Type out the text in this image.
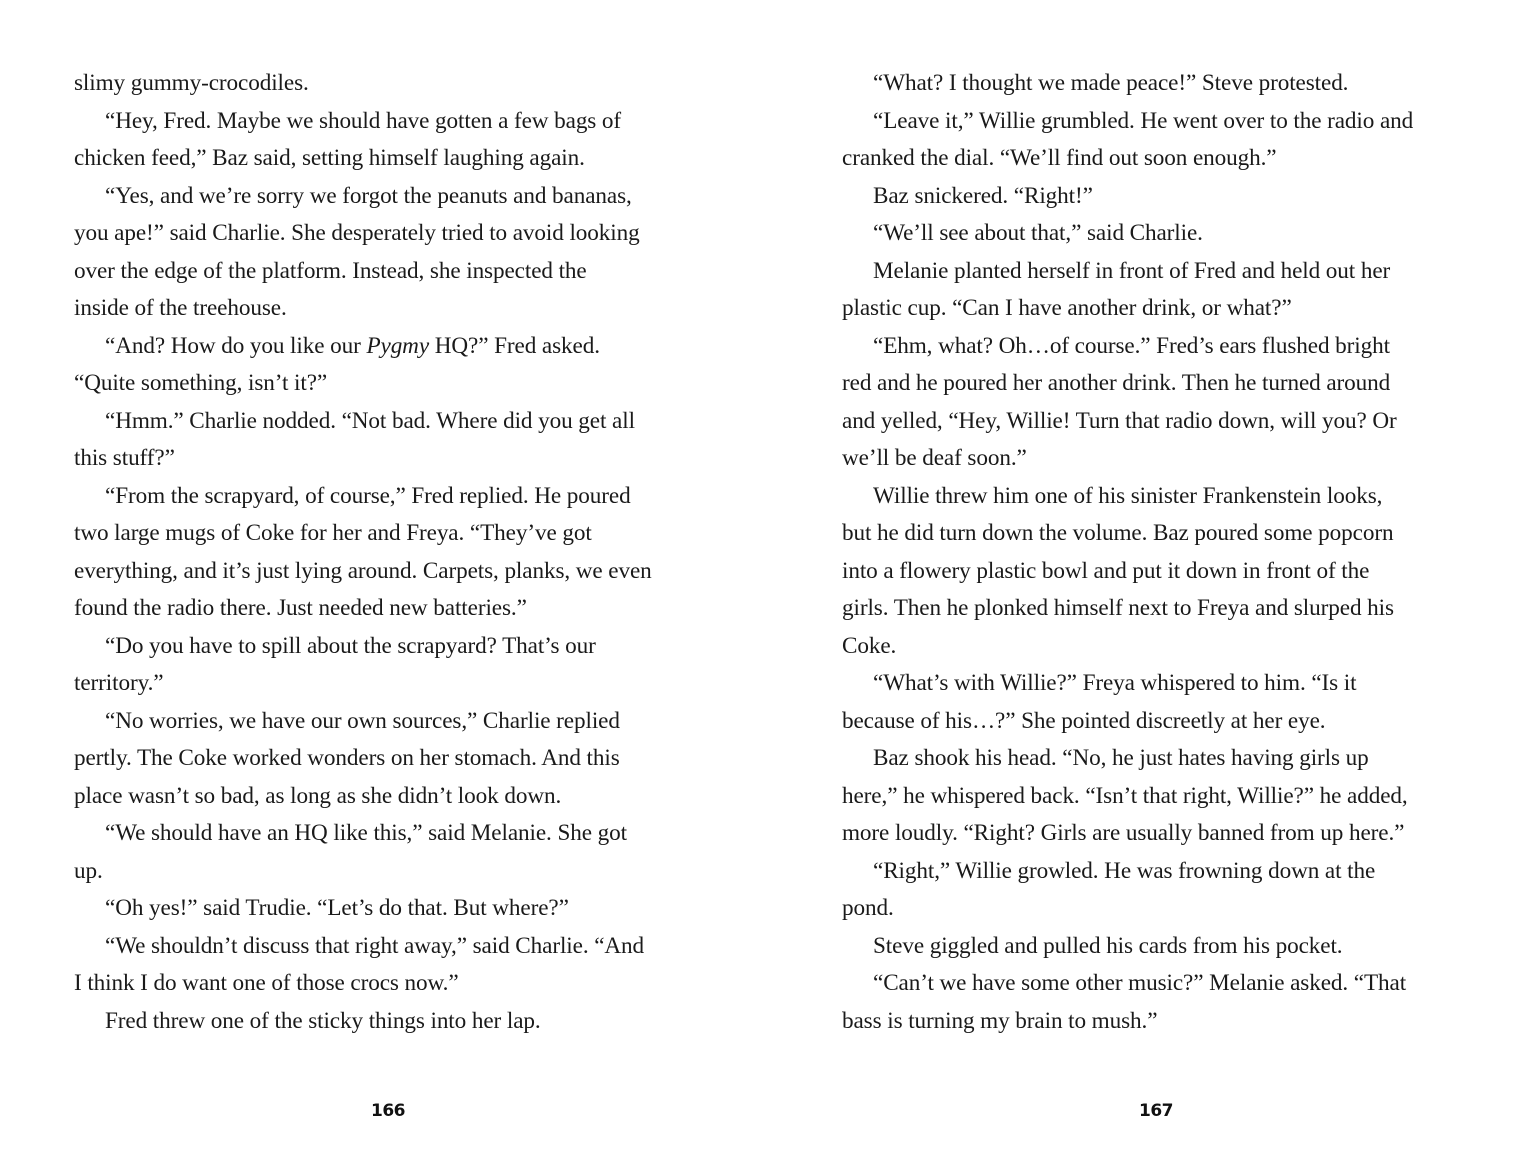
slimy gummy-crocodiles.
“Hey, Fred. Maybe we should have gotten a few bags of
chicken feed,” Baz said, setting himself laughing again.
“Yes, and we’re sorry we forgot the peanuts and bananas,
you ape!” said Charlie. She desperately tried to avoid looking
over the edge of the platform. Instead, she inspected the
inside of the treehouse.
“And? How do you like our Pygmy HQ?” Fred asked.
“Quite something, isn’t it?”
“Hmm.” Charlie nodded. “Not bad. Where did you get all
this stuff?”
“From the scrapyard, of course,” Fred replied. He poured
two large mugs of Coke for her and Freya. “They’ve got
everything, and it’s just lying around. Carpets, planks, we even
found the radio there. Just needed new batteries.”
“Do you have to spill about the scrapyard? That’s our
territory.”
“No worries, we have our own sources,” Charlie replied
pertly. The Coke worked wonders on her stomach. And this
place wasn’t so bad, as long as she didn’t look down.
“We should have an HQ like this,” said Melanie. She got
up.
“Oh yes!” said Trudie. “Let’s do that. But where?”
“We shouldn’t discuss that right away,” said Charlie. “And
I think I do want one of those crocs now.”
Fred threw one of the sticky things into her lap.
166
“What? I thought we made peace!” Steve protested.
“Leave it,” Willie grumbled. He went over to the radio and
cranked the dial. “We’ll find out soon enough.”
Baz snickered. “Right!”
“We’ll see about that,” said Charlie.
Melanie planted herself in front of Fred and held out her
plastic cup. “Can I have another drink, or what?”
“Ehm, what? Oh…of course.” Fred’s ears flushed bright
red and he poured her another drink. Then he turned around
and yelled, “Hey, Willie! Turn that radio down, will you? Or
we’ll be deaf soon.”
Willie threw him one of his sinister Frankenstein looks,
but he did turn down the volume. Baz poured some popcorn
into a flowery plastic bowl and put it down in front of the
girls. Then he plonked himself next to Freya and slurped his
Coke.
“What’s with Willie?” Freya whispered to him. “Is it
because of his…?” She pointed discreetly at her eye.
Baz shook his head. “No, he just hates having girls up
here,” he whispered back. “Isn’t that right, Willie?” he added,
more loudly. “Right? Girls are usually banned from up here.”
“Right,” Willie growled. He was frowning down at the
pond.
Steve giggled and pulled his cards from his pocket.
“Can’t we have some other music?” Melanie asked. “That
bass is turning my brain to mush.”
167
